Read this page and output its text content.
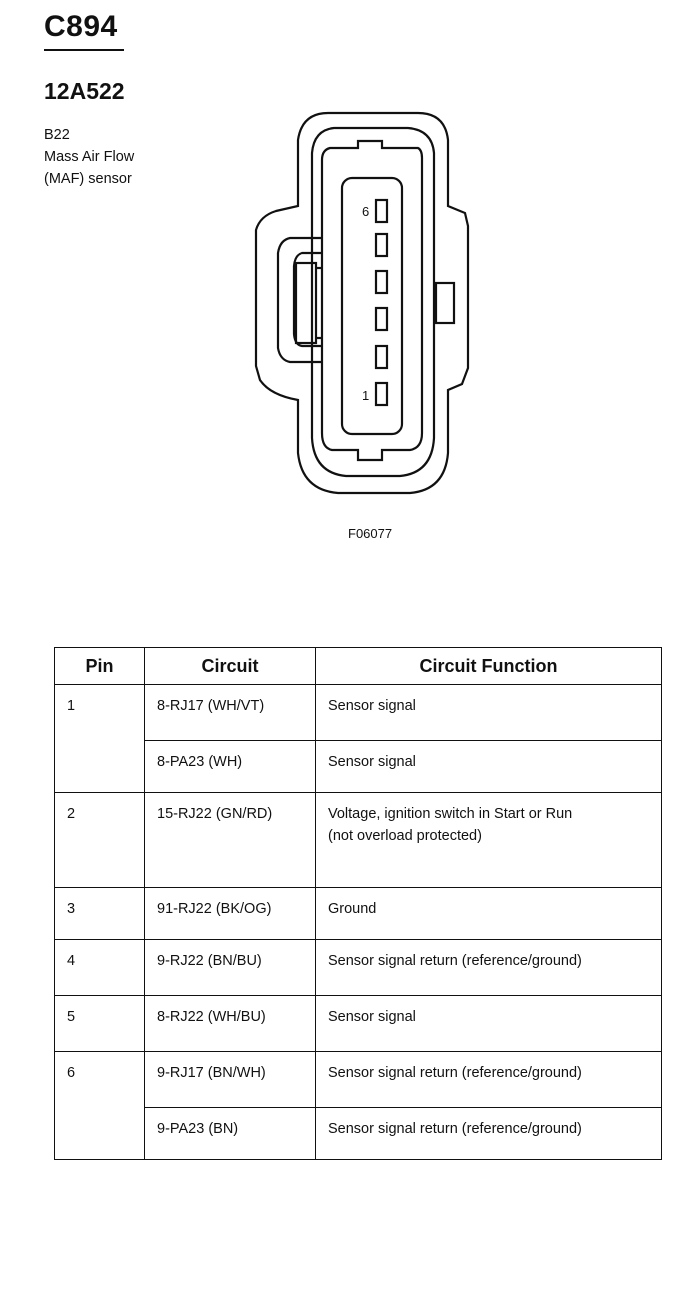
C894
12A522
B22
Mass Air Flow
(MAF) sensor
6
1
F06077
Pin	Circuit	Circuit Function
1	8-RJ17 (WH/VT)	Sensor signal
	8-PA23 (WH)	Sensor signal
2	15-RJ22 (GN/RD)	Voltage, ignition switch in Start or Run
(not overload protected)

3	91-RJ22 (BK/OG)	Ground
4	9-RJ22 (BN/BU)	Sensor signal return (reference/ground)
5	8-RJ22 (WH/BU)	Sensor signal
6	9-RJ17 (BN/WH)	Sensor signal return (reference/ground)
	9-PA23 (BN)	Sensor signal return (reference/ground)
